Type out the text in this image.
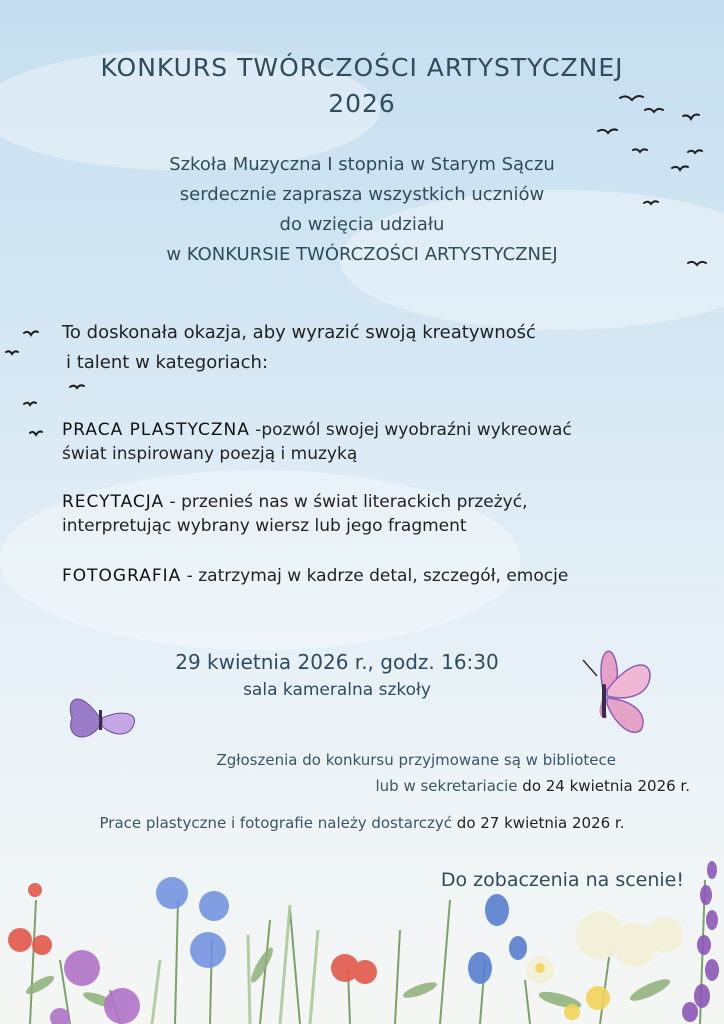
KONKURS TWÓRCZOŚCI ARTYSTYCZNEJ
2026
Szkoła Muzyczna I stopnia w Starym Sączu
serdecznie zaprasza wszystkich uczniów
do wzięcia udziału
w KONKURSIE TWÓRCZOŚCI ARTYSTYCZNEJ
To doskonała okazja, aby wyrazić swoją kreatywność
i talent w kategoriach:
PRACA PLASTYCZNA -pozwól swojej wyobraźni wykreować
świat inspirowany poezją i muzyką
RECYTACJA - przenieś nas w świat literackich przeżyć,
interpretując wybrany wiersz lub jego fragment
FOTOGRAFIA - zatrzymaj w kadrze detal, szczegół, emocje
29 kwietnia 2026 r., godz. 16:30
sala kameralna szkoły
Zgłoszenia do konkursu przyjmowane są w bibliotece
lub w sekretariacie do 24 kwietnia 2026 r.
Prace plastyczne i fotografie należy dostarczyć do 27 kwietnia 2026 r.
Do zobaczenia na scenie!
